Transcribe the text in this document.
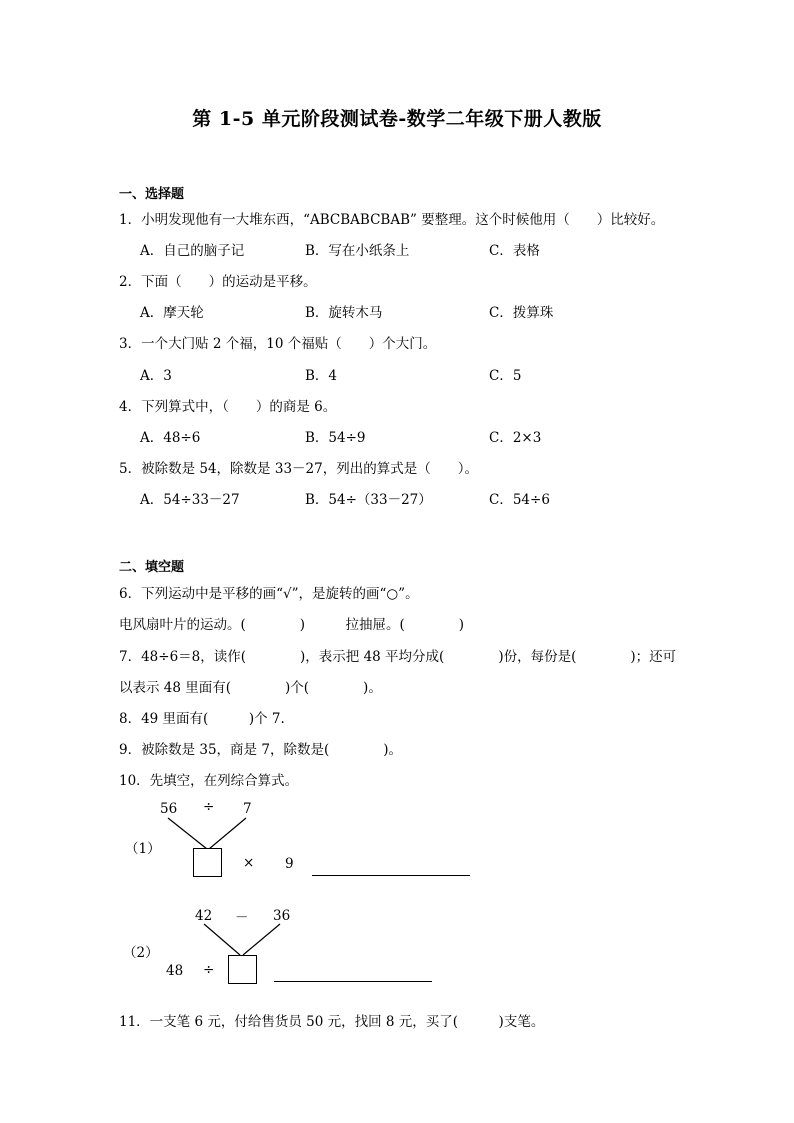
第 1-5 单元阶段测试卷-数学二年级下册人教版
一、选择题
1．小明发现他有一大堆东西，“ABCBABCBAB” 要整理。这个时候他用（　　）比较好。
A．自己的脑子记	B．写在小纸条上	C．表格
2．下面（　　）的运动是平移。
A．摩天轮	B．旋转木马	C．拨算珠
3．一个大门贴 2 个福，10 个福贴（　　）个大门。
A．3	B．4	C．5
4．下列算式中，（　　）的商是 6。
A．48÷6	B．54÷9	C．2×3
5．被除数是 54，除数是 33－27，列出的算式是（　　）。
A．54÷33－27	B．54÷（33－27）	C．54÷6
二、填空题
6．下列运动中是平移的画“√”，是旋转的画“○”。
电风扇叶片的运动。(　　　　)　　　拉抽屉。(　　　　)
7．48÷6＝8，读作(　　　　)，表示把 48 平均分成(　　　　)份，每份是(　　　　)；还可
以表示 48 里面有(　　　　)个(　　　　)。
8．49 里面有(　　　)个 7.
9．被除数是 35，商是 7，除数是(　　　　)。
10．先填空，在列综合算式。
56 ÷ 7
（1）
× 9
42 － 36
（2）
48 ÷
11．一支笔 6 元，付给售货员 50 元，找回 8 元，买了(　　　)支笔。
